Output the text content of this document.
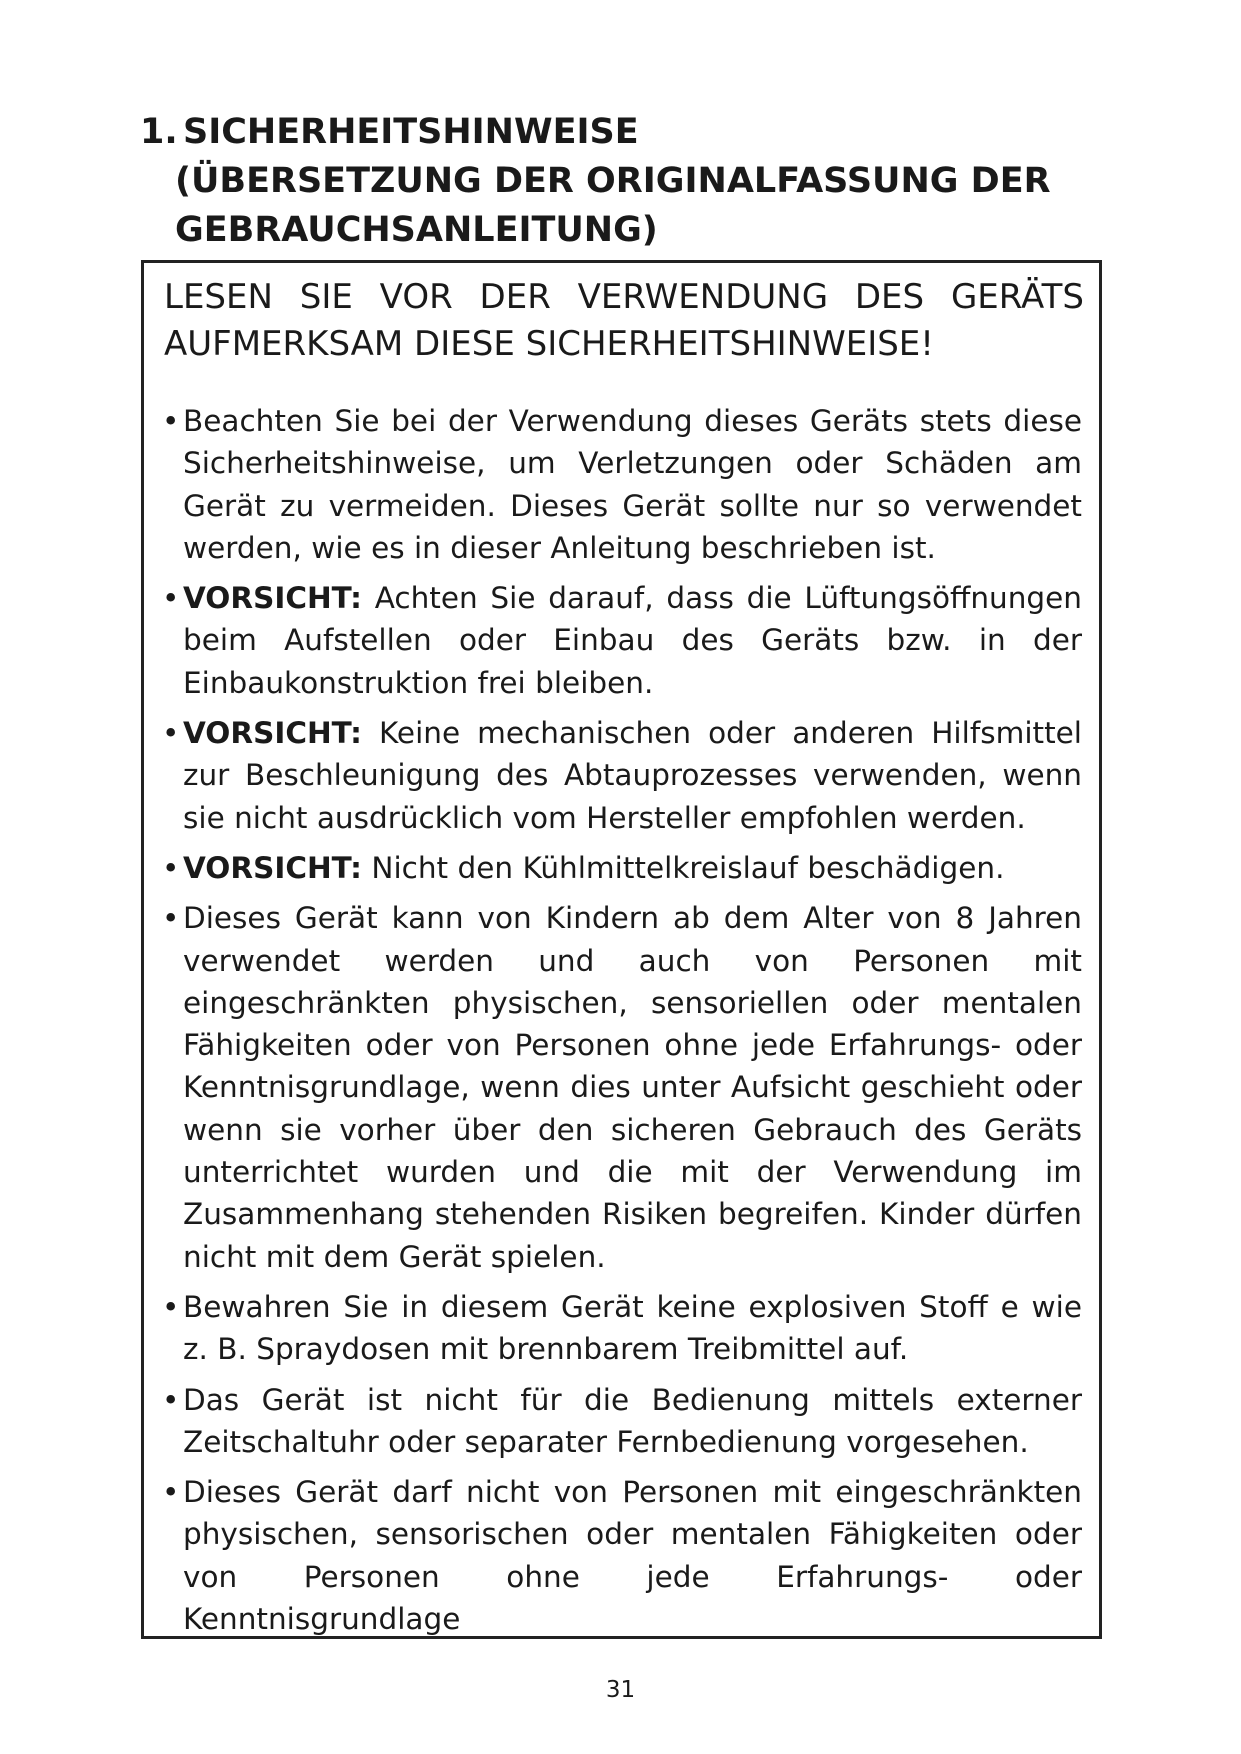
1. SICHERHEITSHINWEISE
(ÜBERSETZUNG DER ORIGINALFASSUNG DER
GEBRAUCHSANLEITUNG)
LESEN SIE VOR DER VERWENDUNG DES GERÄTS
AUFMERKSAM DIESE SICHERHEITSHINWEISE!
• Beachten Sie bei der Verwendung dieses Geräts stets diese Sicherheitshinweise, um Verletzungen oder Schäden am Gerät zu vermeiden. Dieses Gerät sollte nur so verwendet werden, wie es in dieser Anleitung beschrieben ist.
• VORSICHT: Achten Sie darauf, dass die Lüftungsöffnungen beim Aufstellen oder Einbau des Geräts bzw. in der Einbaukonstruktion frei bleiben.
• VORSICHT: Keine mechanischen oder anderen Hilfsmittel zur Beschleunigung des Abtauprozesses verwenden, wenn sie nicht ausdrücklich vom Hersteller empfohlen werden.
• VORSICHT: Nicht den Kühlmittelkreislauf beschädigen.
• Dieses Gerät kann von Kindern ab dem Alter von 8 Jahren verwendet werden und auch von Personen mit eingeschränkten physischen, sensoriellen oder mentalen Fähigkeiten oder von Personen ohne jede Erfahrungs- oder Kenntnisgrundlage, wenn dies unter Aufsicht geschieht oder wenn sie vorher über den sicheren Gebrauch des Geräts unterrichtet wurden und die mit der Verwendung im Zusammenhang stehenden Risiken begreifen. Kinder dürfen nicht mit dem Gerät spielen.
• Bewahren Sie in diesem Gerät keine explosiven Stoff e wie z. B. Spraydosen mit brennbarem Treibmittel auf.
• Das Gerät ist nicht für die Bedienung mittels externer Zeitschaltuhr oder separater Fernbedienung vorgesehen.
• Dieses Gerät darf nicht von Personen mit eingeschränkten physischen, sensorischen oder mentalen Fähigkeiten oder von Personen ohne jede Erfahrungs- oder Kenntnisgrundlage
31
